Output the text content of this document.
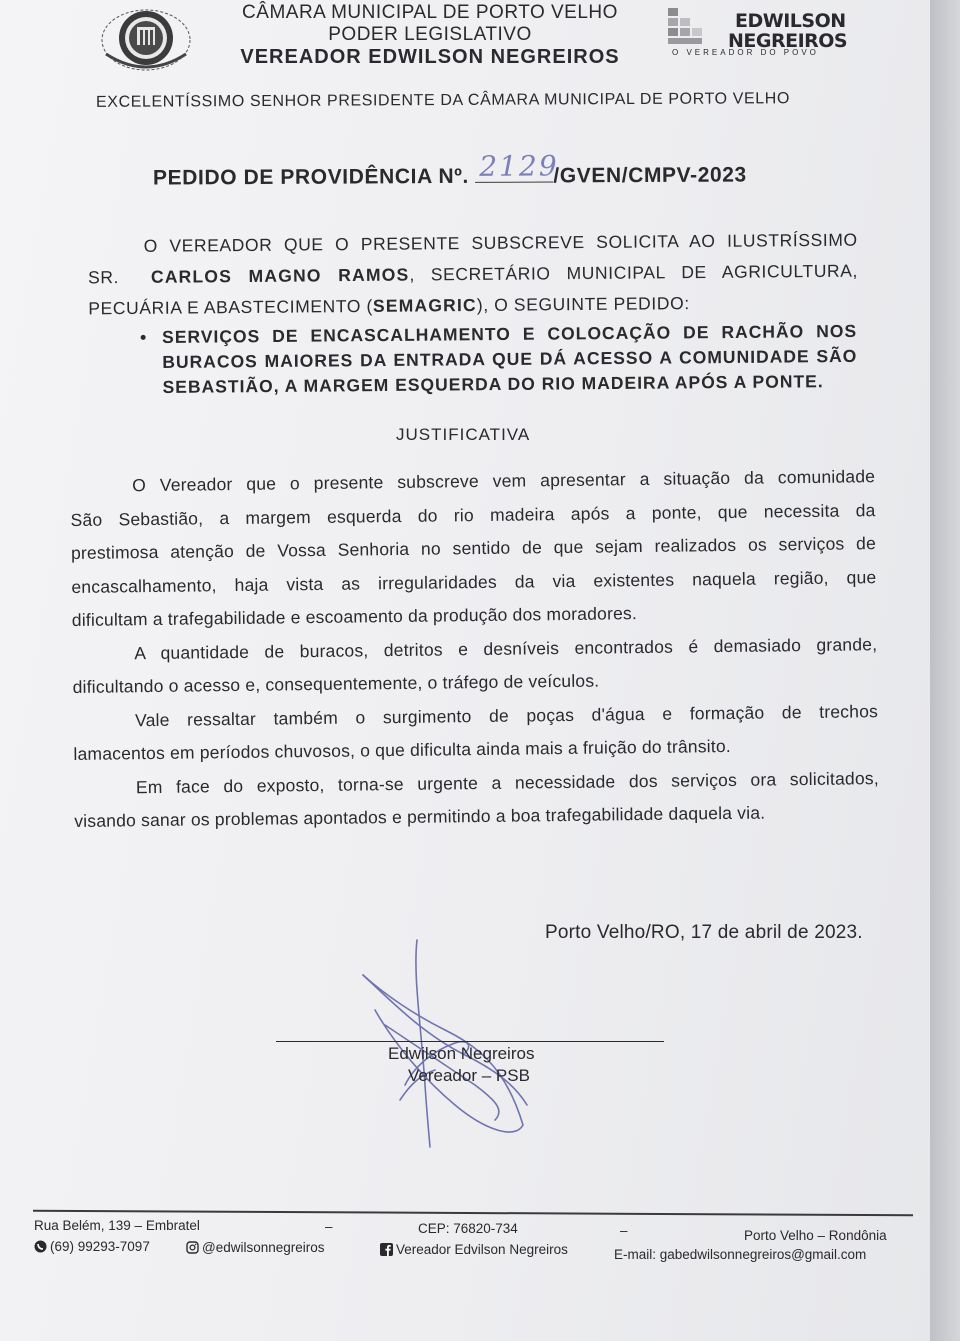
CÂMARA MUNICIPAL DE PORTO VELHO
PODER LEGISLATIVO
VEREADOR EDWILSON NEGREIROS
EDWILSON
NEGREIROS
O VEREADOR DO POVO
EXCELENTÍSSIMO SENHOR PRESIDENTE DA CÂMARA MUNICIPAL DE PORTO VELHO
PEDIDO DE PROVIDÊNCIA Nº. 2129
/GVEN/CMPV-2023
O VEREADOR QUE O PRESENTE SUBSCREVE SOLICITA AO ILUSTRÍSSIMO
SR. CARLOS MAGNO RAMOS, SECRETÁRIO MUNICIPAL DE AGRICULTURA,
PECUÁRIA E ABASTECIMENTO (SEMAGRIC), O SEGUINTE PEDIDO:
• SERVIÇOS DE ENCASCALHAMENTO E COLOCAÇÃO DE RACHÃO NOS
BURACOS MAIORES DA ENTRADA QUE DÁ ACESSO A COMUNIDADE SÃO
SEBASTIÃO, A MARGEM ESQUERDA DO RIO MADEIRA APÓS A PONTE.
JUSTIFICATIVA
O Vereador que o presente subscreve vem apresentar a situação da comunidade
São Sebastião, a margem esquerda do rio madeira após a ponte, que necessita da
prestimosa atenção de Vossa Senhoria no sentido de que sejam realizados os serviços de
encascalhamento, haja vista as irregularidades da via existentes naquela região, que
dificultam a trafegabilidade e escoamento da produção dos moradores.
A quantidade de buracos, detritos e desníveis encontrados é demasiado grande,
dificultando o acesso e, consequentemente, o tráfego de veículos.
Vale ressaltar também o surgimento de poças d'água e formação de trechos
lamacentos em períodos chuvosos, o que dificulta ainda mais a fruição do trânsito.
Em face do exposto, torna-se urgente a necessidade dos serviços ora solicitados,
visando sanar os problemas apontados e permitindo a boa trafegabilidade daquela via.
Porto Velho/RO, 17 de abril de 2023.
Edwilson Negreiros
Vereador – PSB
Rua Belém, 139 – Embratel	–	CEP: 76820-734	–	Porto Velho – Rondônia
(69) 99293-7097	@edwilsonnegreiros	Vereador Edvilson Negreiros	E-mail: gabedwilsonnegreiros@gmail.com
